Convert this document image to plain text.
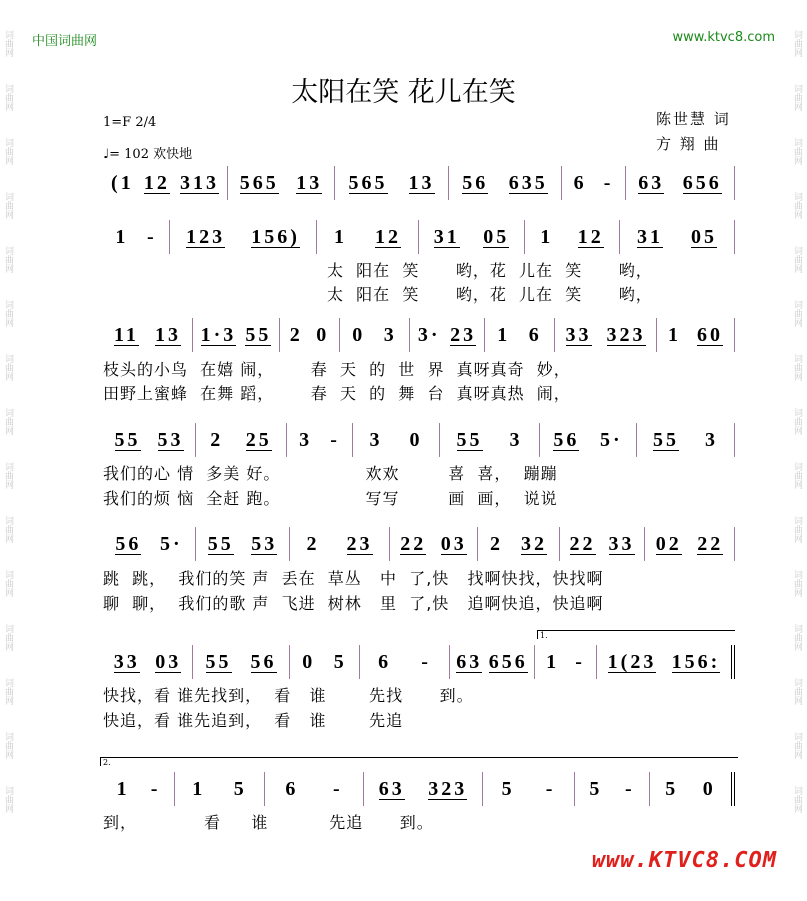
词曲网
词曲网
词曲网
词曲网
词曲网
词曲网
词曲网
词曲网
词曲网
词曲网
词曲网
词曲网
词曲网
词曲网
词曲网
词曲网
词曲网
词曲网
词曲网
词曲网
词曲网
词曲网
词曲网
词曲网
词曲网
词曲网
词曲网
词曲网
词曲网
词曲网
中国词曲网	www.ktvc8.com
太阳在笑 花儿在笑
陈世慧 词
方 翔 曲
1=F 2/4
♩= 102 欢快地
(1 12 313 565 13 565 13 56 635 6 - 63 656
1 - 123 156) 1 12 31 05 1 12 31 05
太  阳在  笑      哟，花  儿在  笑      哟，
太  阳在  笑      哟，花  儿在  笑      哟，
11 13 1·3 55 2 0 0 3 3· 23 1 6 33 323 1 60
枝头的小鸟  在嬉 闹，      春  天  的  世  界  真呀真奇  妙，
田野上蜜蜂  在舞 蹈，      春  天  的  舞  台  真呀真热  闹，
55 53 2 25 3 - 3 0 55 3 56 5· 55 3
我们的心 情  多美 好。              欢欢        喜  喜，  蹦蹦
我们的烦 恼  全赶 跑。              写写        画  画，  说说
56 5· 55 53 2 23 22 03 2 32 22 33 02 22
跳  跳，  我们的笑 声  丢在  草丛   中  了,快   找啊快找，快找啊
聊  聊，  我们的歌 声  飞进  树林   里  了,快   追啊快追，快追啊
33 03 55 56 0 5 6 - 63 656 1 - 1(23 156:
快找，看 谁先找到，  看   谁       先找      到。
快追，看 谁先追到，  看   谁       先追
1.
1 - 1 5 6 - 63 323 5 - 5 - 5 0
到，           看     谁          先追      到。
2.
www.KTVC8.COM
